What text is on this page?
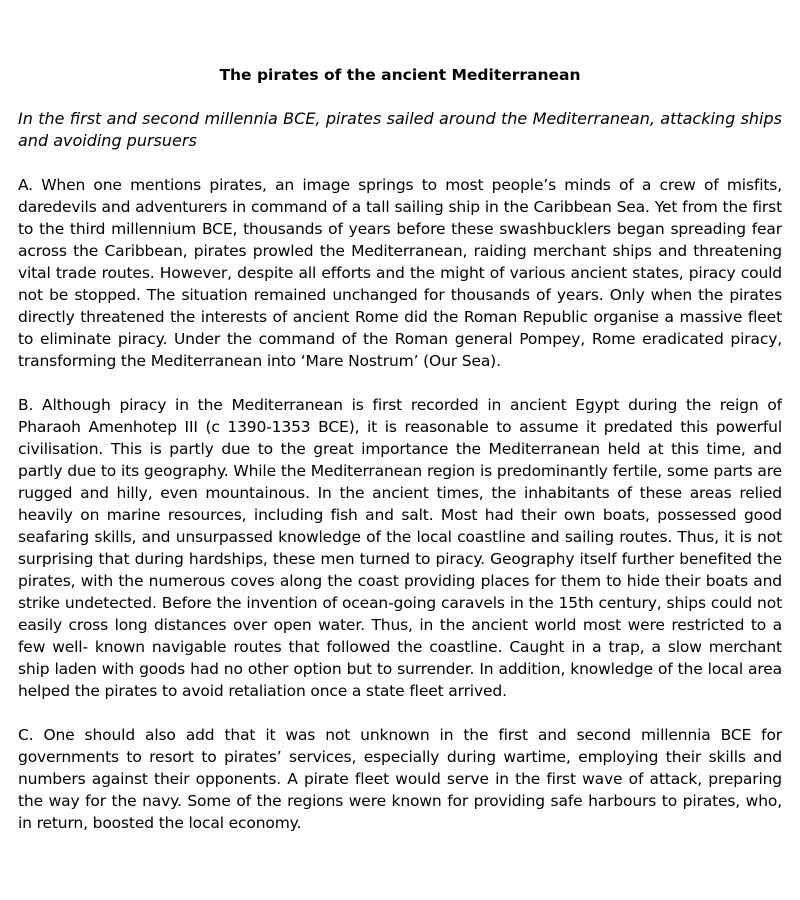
The pirates of the ancient Mediterranean

In the first and second millennia BCE, pirates sailed around the Mediterranean, attacking ships and avoiding pursuers

A. When one mentions pirates, an image springs to most people’s minds of a crew of misfits, daredevils and adventurers in command of a tall sailing ship in the Caribbean Sea. Yet from the first to the third millennium BCE, thousands of years before these swashbucklers began spreading fear across the Caribbean, pirates prowled the Mediterranean, raiding merchant ships and threatening vital trade routes. However, despite all efforts and the might of various ancient states, piracy could not be stopped. The situation remained unchanged for thousands of years. Only when the pirates directly threatened the interests of ancient Rome did the Roman Republic organise a massive fleet to eliminate piracy. Under the command of the Roman general Pompey, Rome eradicated piracy, transforming the Mediterranean into ‘Mare Nostrum’ (Our Sea).

B. Although piracy in the Mediterranean is first recorded in ancient Egypt during the reign of Pharaoh Amenhotep III (c 1390-1353 BCE), it is reasonable to assume it predated this powerful civilisation. This is partly due to the great importance the Mediterranean held at this time, and partly due to its geography. While the Mediterranean region is predominantly fertile, some parts are rugged and hilly, even mountainous. In the ancient times, the inhabitants of these areas relied heavily on marine resources, including fish and salt. Most had their own boats, possessed good seafaring skills, and unsurpassed knowledge of the local coastline and sailing routes. Thus, it is not surprising that during hardships, these men turned to piracy. Geography itself further benefited the pirates, with the numerous coves along the coast providing places for them to hide their boats and strike undetected. Before the invention of ocean-going caravels in the 15th century, ships could not easily cross long distances over open water. Thus, in the ancient world most were restricted to a few well- known navigable routes that followed the coastline. Caught in a trap, a slow merchant ship laden with goods had no other option but to surrender. In addition, knowledge of the local area helped the pirates to avoid retaliation once a state fleet arrived.

C. One should also add that it was not unknown in the first and second millennia BCE for governments to resort to pirates’ services, especially during wartime, employing their skills and numbers against their opponents. A pirate fleet would serve in the first wave of attack, preparing the way for the navy. Some of the regions were known for providing safe harbours to pirates, who, in return, boosted the local economy.
